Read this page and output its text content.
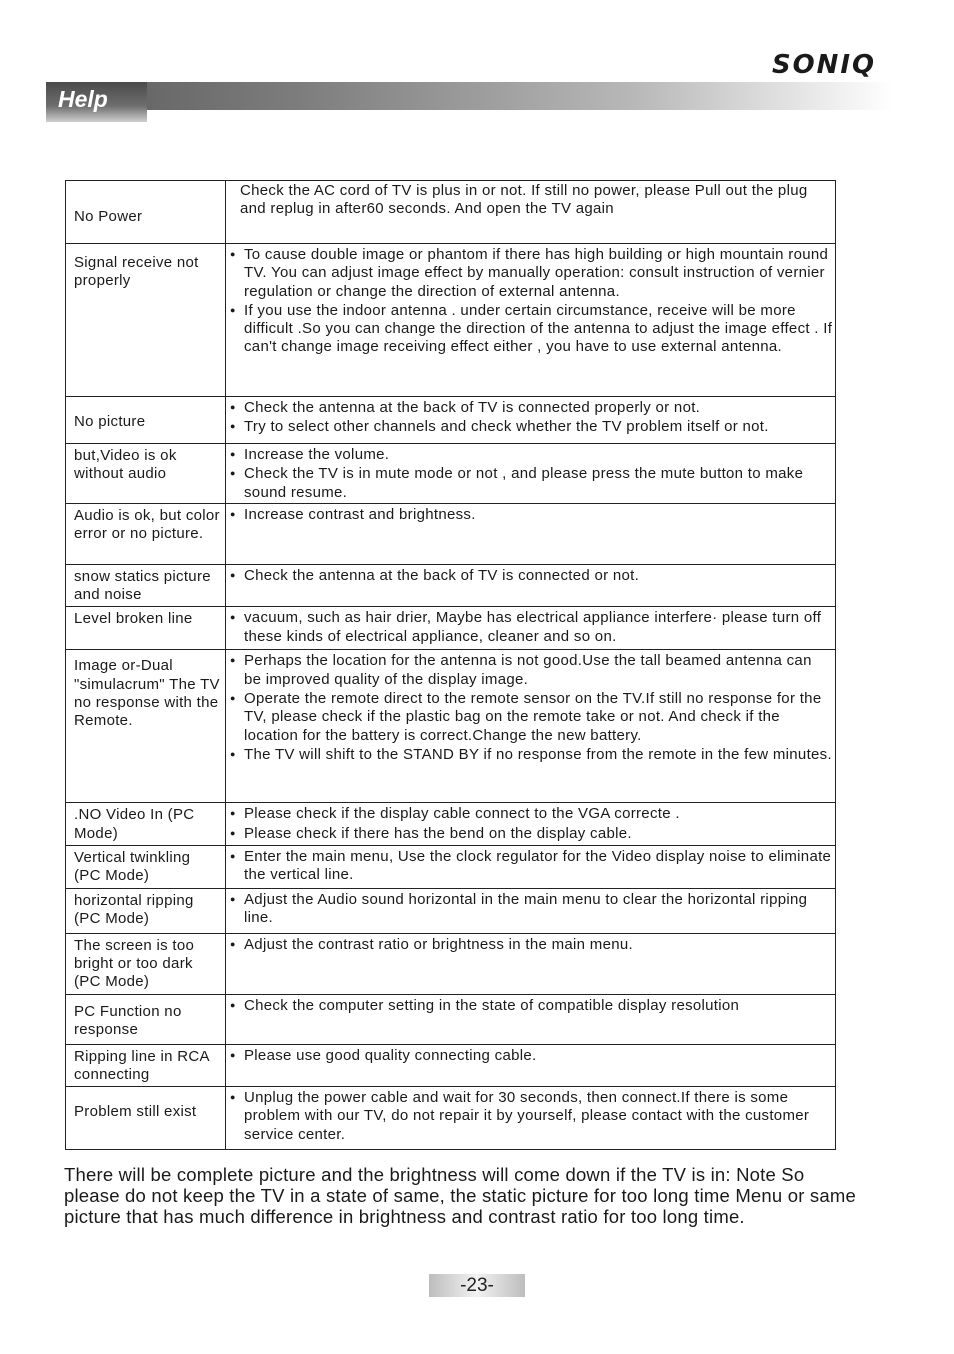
SONIQ
Help
No Power	Check the AC cord of TV is plus in or not. If still no power, please Pull out the plug and replug in after60 seconds. And open the TV again

Signal receive not properly	● To cause double image or phantom if there has high building or high mountain round TV. You can adjust image effect by manually operation: consult instruction of vernier regulation or change the direction of external antenna.
● If you use the indoor antenna . under certain circumstance, receive will be more difficult .So you can change the direction of the antenna to adjust the image effect . If can't change image receiving effect either , you have to use external antenna.

No picture	● Check the antenna at the back of TV is connected properly or not.
● Try to select other channels and check whether the TV problem itself or not.

but,Video is ok without audio	● Increase the volume.
● Check the TV is in mute mode or not , and please press the mute button to make sound resume.

Audio is ok, but color error or no picture.	● Increase contrast and brightness.

snow statics picture and noise	● Check the antenna at the back of TV is connected or not.

Level broken line	● vacuum, such as hair drier, Maybe has electrical appliance interfere· please turn off these kinds of electrical appliance, cleaner and so on.

Image or-Dual "simulacrum" The TV no response with the Remote.	● Perhaps the location for the antenna is not good.Use the tall beamed antenna can be improved quality of the display image.
● Operate the remote direct to the remote sensor on the TV.If still no response for the TV, please check if the plastic bag on the remote take or not. And check if the location for the battery is correct.Change the new battery.
● The TV will shift to the STAND BY if no response from the remote in the few minutes.

.NO Video In (PC Mode)	● Please check if the display cable connect to the VGA correcte .
● Please check if there has the bend on the display cable.

Vertical twinkling (PC Mode)	● Enter the main menu, Use the clock regulator for the Video display noise to eliminate the vertical line.

horizontal ripping (PC Mode)	● Adjust the Audio sound horizontal in the main menu to clear the horizontal ripping line.

The screen is too bright or too dark (PC Mode)	● Adjust the contrast ratio or brightness in the main menu.

PC Function no response	● Check the computer setting in the state of compatible display resolution

Ripping line in RCA connecting	● Please use good quality connecting cable.

Problem still exist	● Unplug the power cable and wait for 30 seconds, then connect.If there is some problem with our TV, do not repair it by yourself, please contact with the customer service center.
There will be complete picture and the brightness will come down if the TV is in: Note So please do not keep the TV in a state of same, the static picture for too long time Menu or same picture that has much difference in brightness and contrast ratio for too long time.
-23-
